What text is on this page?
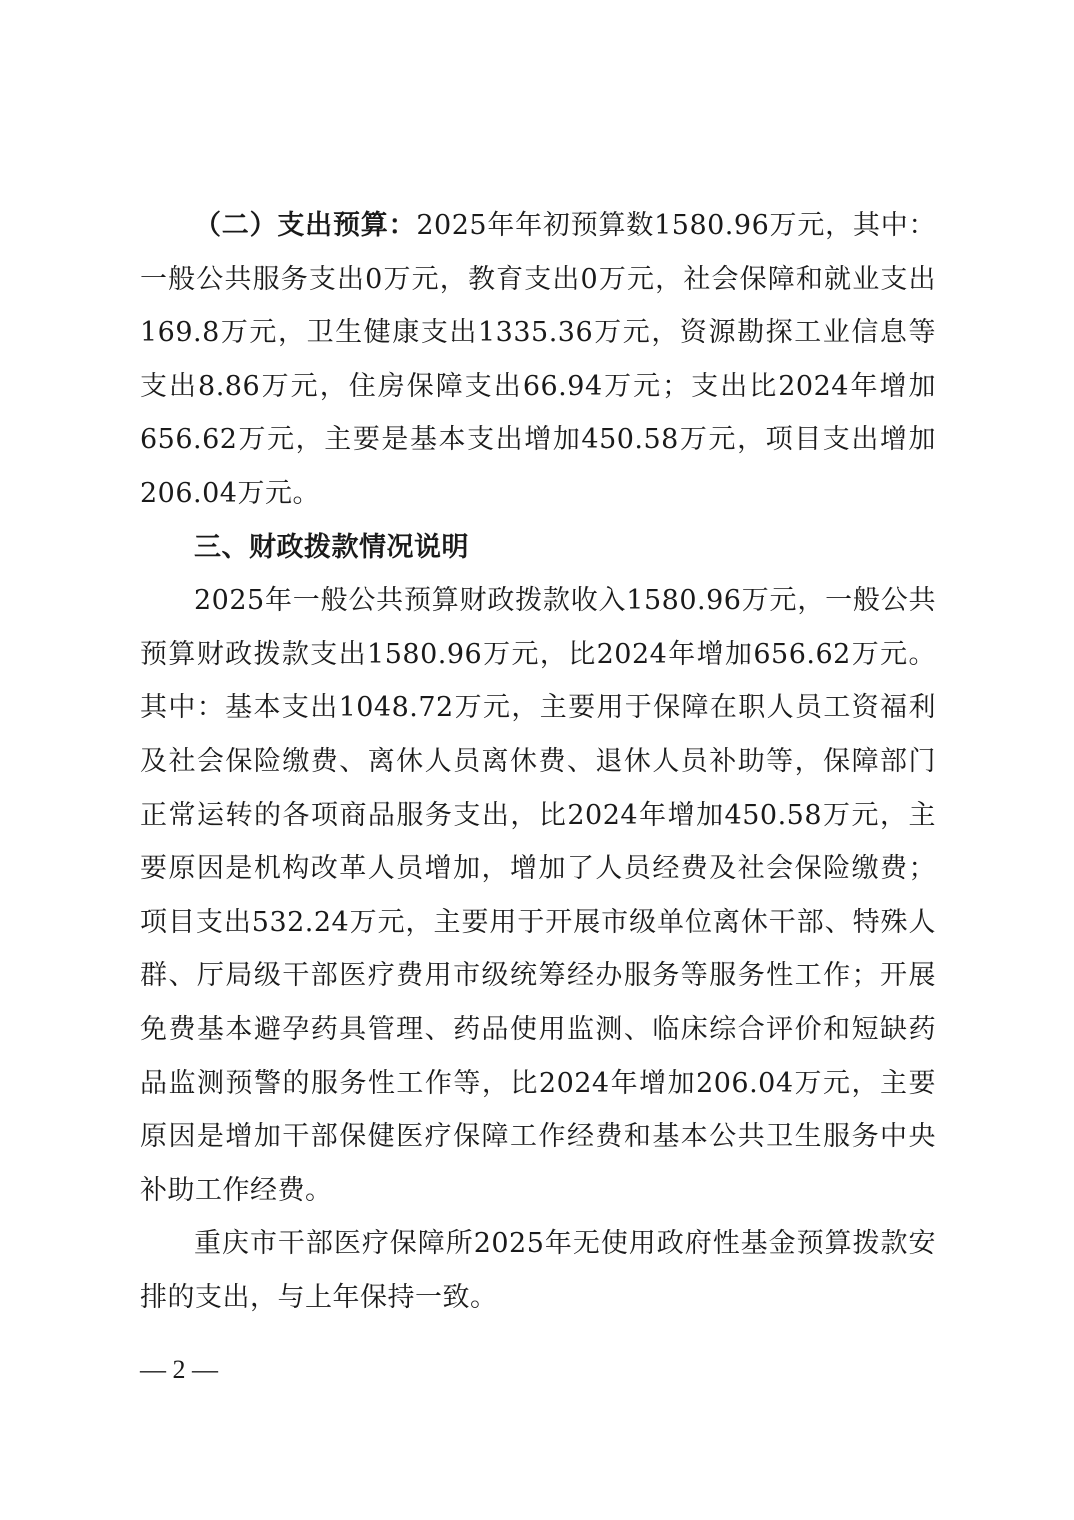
（二）支出预算：2025年年初预算数1580.96万元，其中：一般公共服务支出0万元，教育支出0万元，社会保障和就业支出169.8万元，卫生健康支出1335.36万元，资源勘探工业信息等支出8.86万元，住房保障支出66.94万元；支出比2024年增加656.62万元，主要是基本支出增加450.58万元，项目支出增加206.04万元。

三、财政拨款情况说明

2025年一般公共预算财政拨款收入1580.96万元，一般公共预算财政拨款支出1580.96万元，比2024年增加656.62万元。其中：基本支出1048.72万元，主要用于保障在职人员工资福利及社会保险缴费、离休人员离休费、退休人员补助等，保障部门正常运转的各项商品服务支出，比2024年增加450.58万元，主要原因是机构改革人员增加，增加了人员经费及社会保险缴费；项目支出532.24万元，主要用于开展市级单位离休干部、特殊人群、厅局级干部医疗费用市级统筹经办服务等服务性工作；开展免费基本避孕药具管理、药品使用监测、临床综合评价和短缺药品监测预警的服务性工作等，比2024年增加206.04万元，主要原因是增加干部保健医疗保障工作经费和基本公共卫生服务中央补助工作经费。

重庆市干部医疗保障所2025年无使用政府性基金预算拨款安排的支出，与上年保持一致。

— 2 —
